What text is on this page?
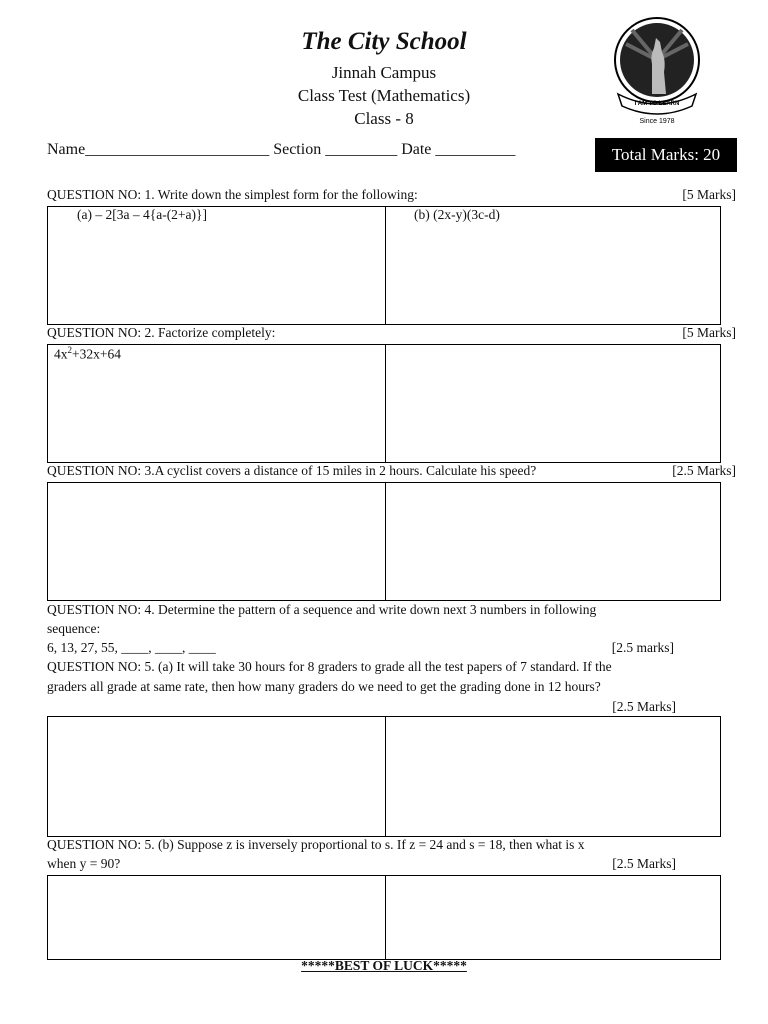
The City School
Jinnah Campus
Class Test (Mathematics)
Class - 8
I AM TO LEARN
Since 1978
Name_______________________ Section _________ Date __________	Total Marks: 20
QUESTION NO: 1. Write down the simplest form for the following:	[5 Marks]
(a) – 2[3a – 4{a-(2+a)}]	(b) (2x-y)(3c-d)
QUESTION NO: 2. Factorize completely:	[5 Marks]
$4x^2+32x+64$
QUESTION NO: 3.A cyclist covers a distance of 15 miles in 2 hours. Calculate his speed?	[2.5 Marks]
QUESTION NO: 4. Determine the pattern of a sequence and write down next 3 numbers in following
sequence:
6, 13, 27, 55, ____, ____, ____	[2.5 marks]
QUESTION NO: 5. (a) It will take 30 hours for 8 graders to grade all the test papers of 7 standard. If the
graders all grade at same rate, then how many graders do we need to get the grading done in 12 hours?
[2.5 Marks]
QUESTION NO: 5. (b) Suppose z is inversely proportional to s. If z = 24 and s = 18, then what is x
when y = 90?	[2.5 Marks]
*****BEST OF LUCK*****
